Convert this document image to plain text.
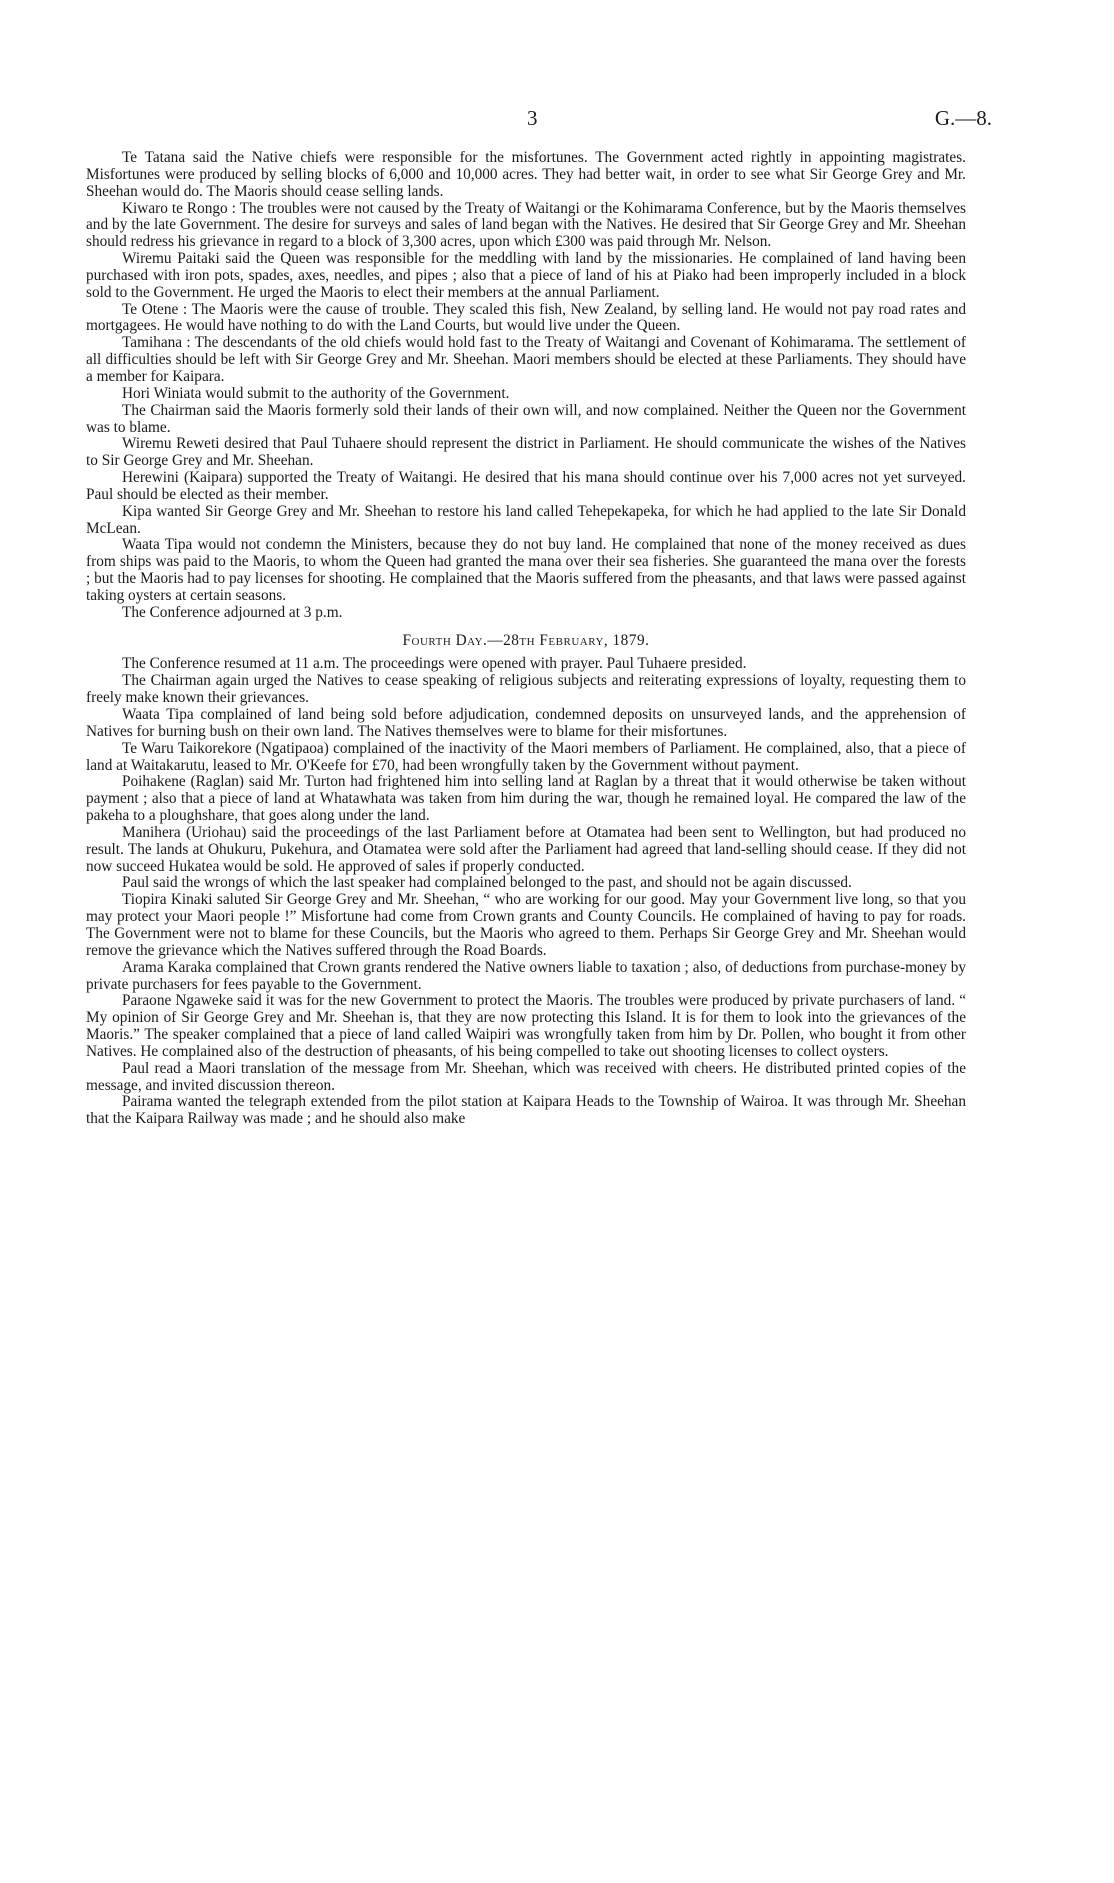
3	G.—8.

Te Tatana said the Native chiefs were responsible for the misfortunes. The Government acted rightly in appointing magistrates. Misfortunes were produced by selling blocks of 6,000 and 10,000 acres. They had better wait, in order to see what Sir George Grey and Mr. Sheehan would do. The Maoris should cease selling lands.

Kiwaro te Rongo : The troubles were not caused by the Treaty of Waitangi or the Kohimarama Conference, but by the Maoris themselves and by the late Government. The desire for surveys and sales of land began with the Natives. He desired that Sir George Grey and Mr. Sheehan should redress his grievance in regard to a block of 3,300 acres, upon which £300 was paid through Mr. Nelson.

Wiremu Paitaki said the Queen was responsible for the meddling with land by the missionaries. He complained of land having been purchased with iron pots, spades, axes, needles, and pipes ; also that a piece of land of his at Piako had been improperly included in a block sold to the Government. He urged the Maoris to elect their members at the annual Parliament.

Te Otene : The Maoris were the cause of trouble. They scaled this fish, New Zealand, by selling land. He would not pay road rates and mortgagees. He would have nothing to do with the Land Courts, but would live under the Queen.

Tamihana : The descendants of the old chiefs would hold fast to the Treaty of Waitangi and Covenant of Kohimarama. The settlement of all difficulties should be left with Sir George Grey and Mr. Sheehan. Maori members should be elected at these Parliaments. They should have a member for Kaipara.

Hori Winiata would submit to the authority of the Government.

The Chairman said the Maoris formerly sold their lands of their own will, and now complained. Neither the Queen nor the Government was to blame.

Wiremu Reweti desired that Paul Tuhaere should represent the district in Parliament. He should communicate the wishes of the Natives to Sir George Grey and Mr. Sheehan.

Herewini (Kaipara) supported the Treaty of Waitangi. He desired that his mana should continue over his 7,000 acres not yet surveyed. Paul should be elected as their member.

Kipa wanted Sir George Grey and Mr. Sheehan to restore his land called Tehepekapeka, for which he had applied to the late Sir Donald McLean.

Waata Tipa would not condemn the Ministers, because they do not buy land. He complained that none of the money received as dues from ships was paid to the Maoris, to whom the Queen had granted the mana over their sea fisheries. She guaranteed the mana over the forests ; but the Maoris had to pay licenses for shooting. He complained that the Maoris suffered from the pheasants, and that laws were passed against taking oysters at certain seasons.

The Conference adjourned at 3 p.m.

Fourth Day.—28th February, 1879.

The Conference resumed at 11 a.m. The proceedings were opened with prayer. Paul Tuhaere presided.

The Chairman again urged the Natives to cease speaking of religious subjects and reiterating expressions of loyalty, requesting them to freely make known their grievances.

Waata Tipa complained of land being sold before adjudication, condemned deposits on unsurveyed lands, and the apprehension of Natives for burning bush on their own land. The Natives themselves were to blame for their misfortunes.

Te Waru Taikorekore (Ngatipaoa) complained of the inactivity of the Maori members of Parliament. He complained, also, that a piece of land at Waitakarutu, leased to Mr. O'Keefe for £70, had been wrongfully taken by the Government without payment.

Poihakene (Raglan) said Mr. Turton had frightened him into selling land at Raglan by a threat that it would otherwise be taken without payment ; also that a piece of land at Whatawhata was taken from him during the war, though he remained loyal. He compared the law of the pakeha to a ploughshare, that goes along under the land.

Manihera (Uriohau) said the proceedings of the last Parliament before at Otamatea had been sent to Wellington, but had produced no result. The lands at Ohukuru, Pukehura, and Otamatea were sold after the Parliament had agreed that land-selling should cease. If they did not now succeed Hukatea would be sold. He approved of sales if properly conducted.

Paul said the wrongs of which the last speaker had complained belonged to the past, and should not be again discussed.

Tiopira Kinaki saluted Sir George Grey and Mr. Sheehan, “ who are working for our good. May your Government live long, so that you may protect your Maori people !” Misfortune had come from Crown grants and County Councils. He complained of having to pay for roads. The Government were not to blame for these Councils, but the Maoris who agreed to them. Perhaps Sir George Grey and Mr. Sheehan would remove the grievance which the Natives suffered through the Road Boards.

Arama Karaka complained that Crown grants rendered the Native owners liable to taxation ; also, of deductions from purchase-money by private purchasers for fees payable to the Government.

Paraone Ngaweke said it was for the new Government to protect the Maoris. The troubles were produced by private purchasers of land. “ My opinion of Sir George Grey and Mr. Sheehan is, that they are now protecting this Island. It is for them to look into the grievances of the Maoris.” The speaker complained that a piece of land called Waipiri was wrongfully taken from him by Dr. Pollen, who bought it from other Natives. He complained also of the destruction of pheasants, of his being compelled to take out shooting licenses to collect oysters.

Paul read a Maori translation of the message from Mr. Sheehan, which was received with cheers. He distributed printed copies of the message, and invited discussion thereon.

Pairama wanted the telegraph extended from the pilot station at Kaipara Heads to the Township of Wairoa. It was through Mr. Sheehan that the Kaipara Railway was made ; and he should also make
